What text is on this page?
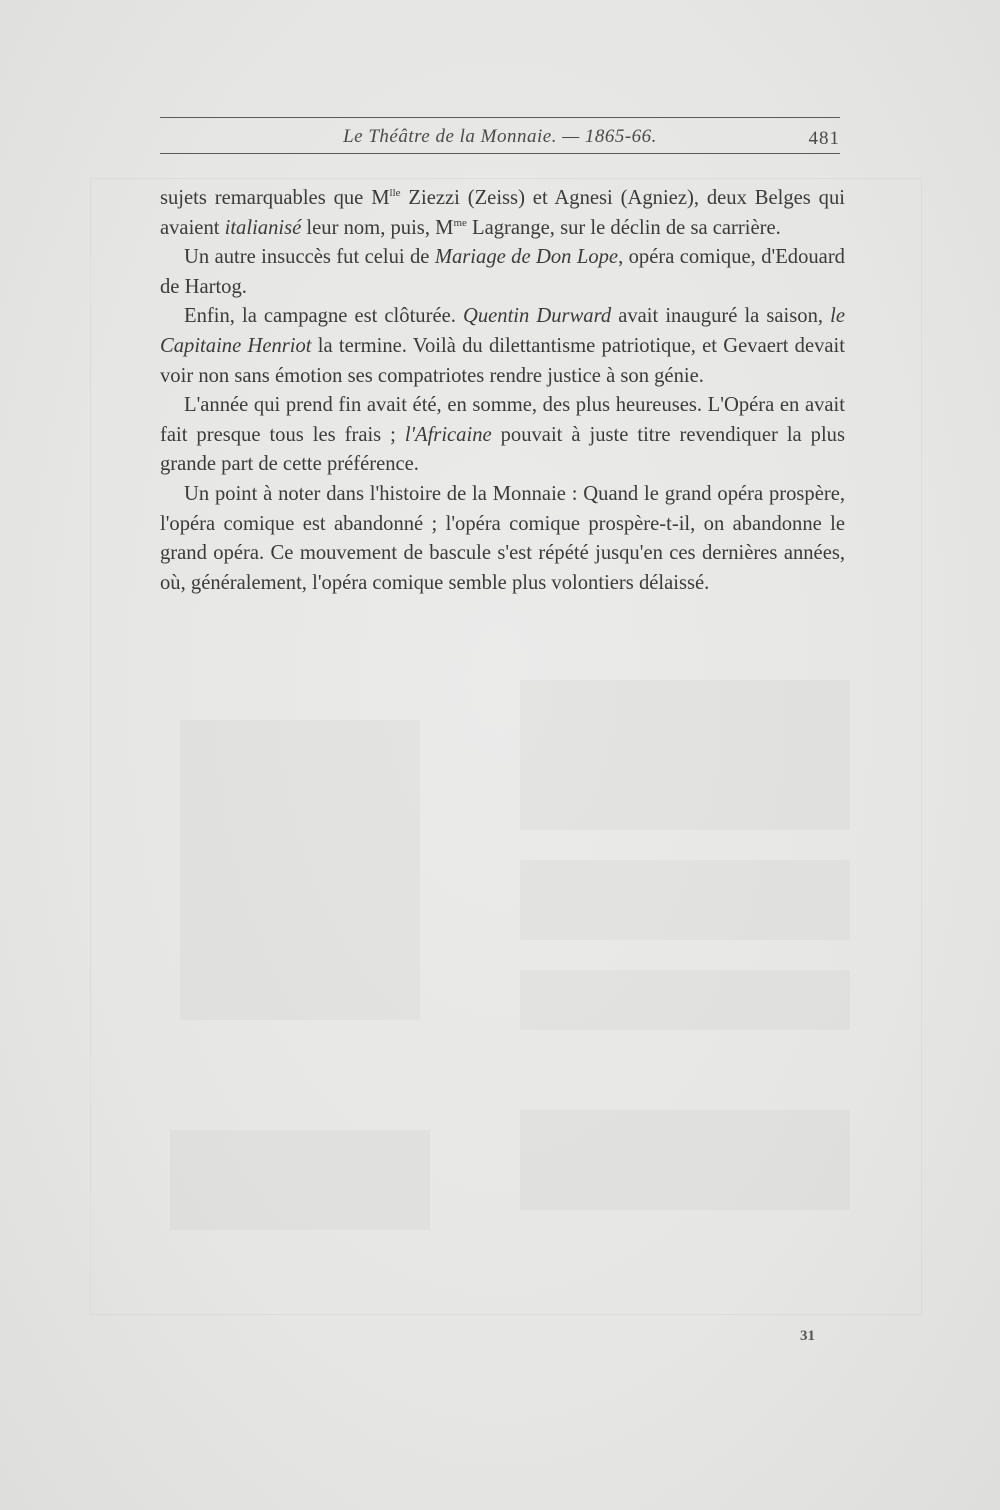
Le Théâtre de la Monnaie. — 1865-66.	481

sujets remarquables que $M^{lle}$ Ziezzi (Zeiss) et Agnesi (Agniez), deux Belges qui avaient italianisé leur nom, puis, $M^{me}$ Lagrange, sur le déclin de sa carrière.

Un autre insuccès fut celui de Mariage de Don Lope, opéra comique, d'Edouard de Hartog.

Enfin, la campagne est clôturée. Quentin Durward avait inauguré la saison, le Capitaine Henriot la termine. Voilà du dilettantisme patriotique, et Gevaert devait voir non sans émotion ses compatriotes rendre justice à son génie.

L'année qui prend fin avait été, en somme, des plus heureuses. L'Opéra en avait fait presque tous les frais ; l'Africaine pouvait à juste titre revendiquer la plus grande part de cette préférence.

Un point à noter dans l'histoire de la Monnaie : Quand le grand opéra prospère, l'opéra comique est abandonné ; l'opéra comique prospère-t-il, on abandonne le grand opéra. Ce mouvement de bascule s'est répété jusqu'en ces dernières années, où, généralement, l'opéra comique semble plus volontiers délaissé.

31
